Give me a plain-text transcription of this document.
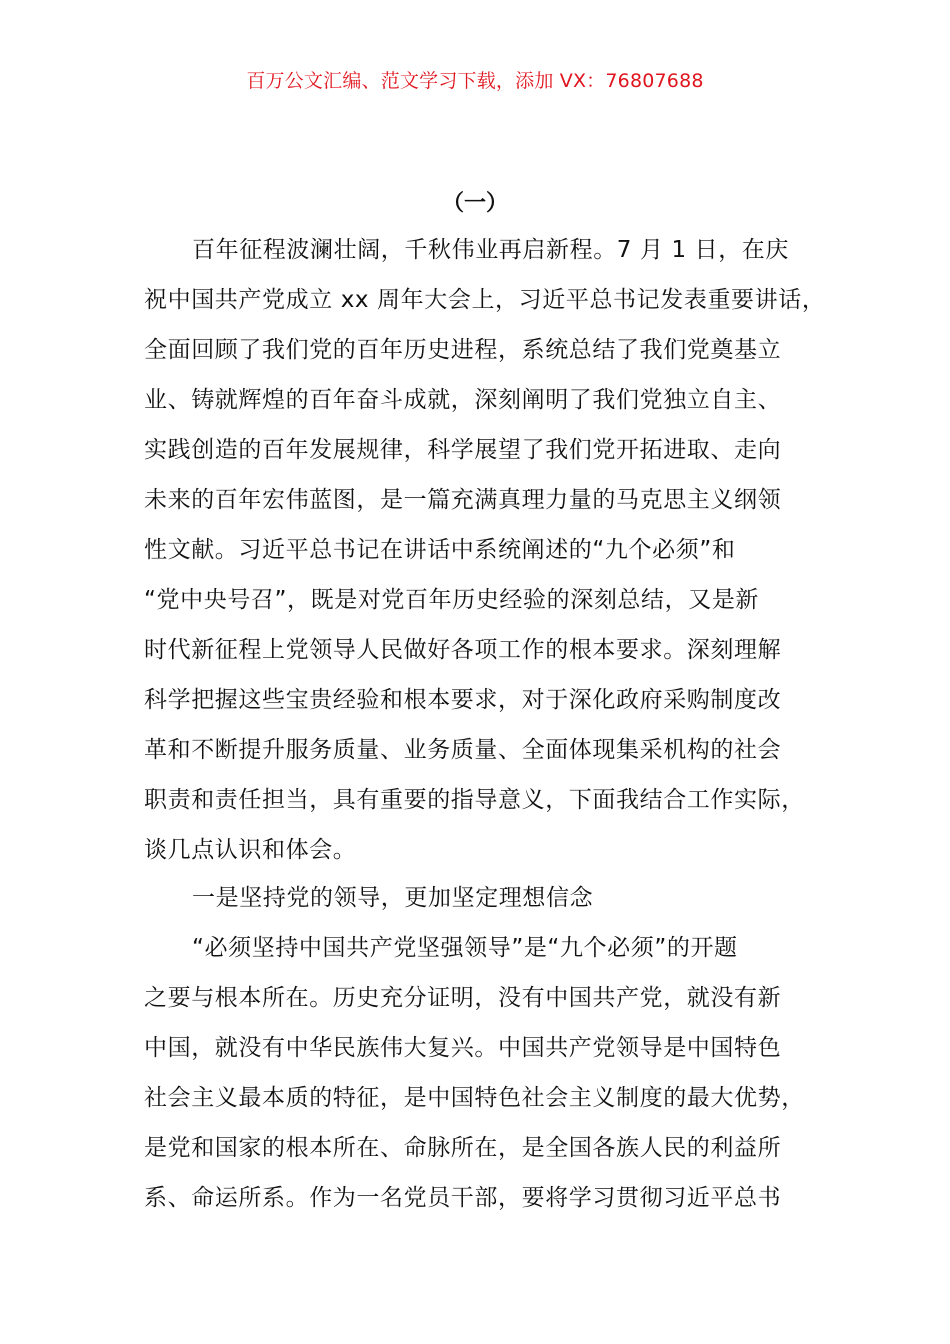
百万公文汇编、范文学习下载，添加 VX：76807688
（一）
百年征程波澜壮阔，千秋伟业再启新程。7 月 1 日，在庆
祝中国共产党成立 xx 周年大会上，习近平总书记发表重要讲话，
全面回顾了我们党的百年历史进程，系统总结了我们党奠基立
业、铸就辉煌的百年奋斗成就，深刻阐明了我们党独立自主、
实践创造的百年发展规律，科学展望了我们党开拓进取、走向
未来的百年宏伟蓝图，是一篇充满真理力量的马克思主义纲领
性文献。习近平总书记在讲话中系统阐述的“九个必须”和
“党中央号召”，既是对党百年历史经验的深刻总结，又是新
时代新征程上党领导人民做好各项工作的根本要求。深刻理解
科学把握这些宝贵经验和根本要求，对于深化政府采购制度改
革和不断提升服务质量、业务质量、全面体现集采机构的社会
职责和责任担当，具有重要的指导意义，下面我结合工作实际，
谈几点认识和体会。
一是坚持党的领导，更加坚定理想信念
“必须坚持中国共产党坚强领导”是“九个必须”的开题
之要与根本所在。历史充分证明，没有中国共产党，就没有新
中国，就没有中华民族伟大复兴。中国共产党领导是中国特色
社会主义最本质的特征，是中国特色社会主义制度的最大优势，
是党和国家的根本所在、命脉所在，是全国各族人民的利益所
系、命运所系。作为一名党员干部，要将学习贯彻习近平总书
